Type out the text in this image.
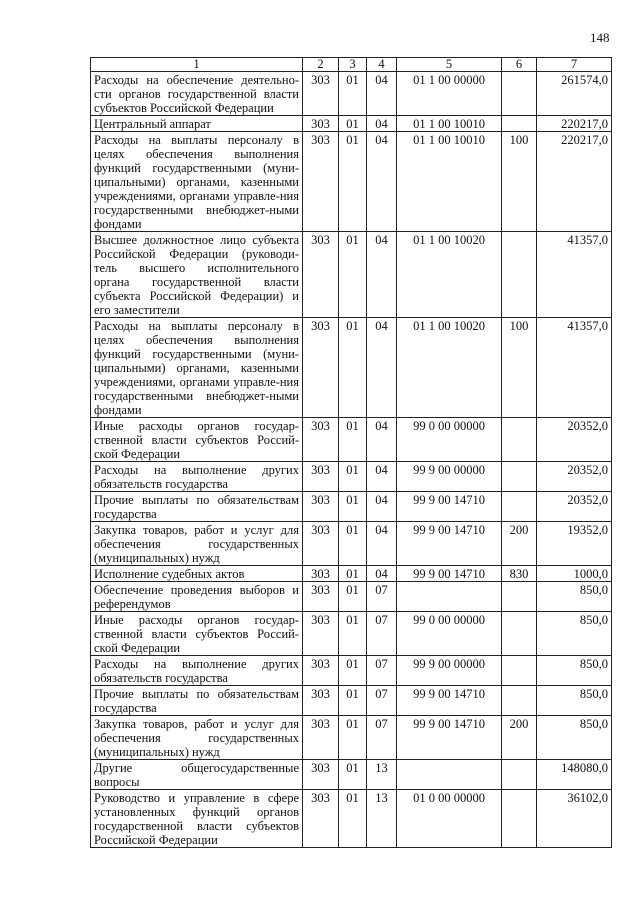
148
1	2	3	4	5	6	7
Расходы на обеспечение деятельно-сти органов государственной власти субъектов Российской Федерации	303	01	04	01 1 00 00000		261574,0
Центральный аппарат	303	01	04	01 1 00 10010		220217,0
Расходы на выплаты персоналу в целях обеспечения выполнения функций государственными (муни-ципальными) органами, казенными учреждениями, органами управле-ния государственными внебюджет-ными фондами	303	01	04	01 1 00 10010	100	220217,0
Высшее должностное лицо субъекта Российской Федерации (руководи-тель высшего исполнительного органа государственной власти субъекта Российской Федерации) и его заместители	303	01	04	01 1 00 10020		41357,0
Расходы на выплаты персоналу в целях обеспечения выполнения функций государственными (муни-ципальными) органами, казенными учреждениями, органами управле-ния государственными внебюджет-ными фондами	303	01	04	01 1 00 10020	100	41357,0
Иные расходы органов государ-ственной власти субъектов Россий-ской Федерации	303	01	04	99 0 00 00000		20352,0
Расходы на выполнение других обязательств государства	303	01	04	99 9 00 00000		20352,0
Прочие выплаты по обязательствам государства	303	01	04	99 9 00 14710		20352,0
Закупка товаров, работ и услуг для обеспечения государственных (муниципальных) нужд	303	01	04	99 9 00 14710	200	19352,0
Исполнение судебных актов	303	01	04	99 9 00 14710	830	1000,0
Обеспечение проведения выборов и референдумов	303	01	07			850,0
Иные расходы органов государ-ственной власти субъектов Россий-ской Федерации	303	01	07	99 0 00 00000		850,0
Расходы на выполнение других обязательств государства	303	01	07	99 9 00 00000		850,0
Прочие выплаты по обязательствам государства	303	01	07	99 9 00 14710		850,0
Закупка товаров, работ и услуг для обеспечения государственных (муниципальных) нужд	303	01	07	99 9 00 14710	200	850,0
Другие общегосударственные вопросы	303	01	13			148080,0
Руководство и управление в сфере установленных функций органов государственной власти субъектов Российской Федерации	303	01	13	01 0 00 00000		36102,0
